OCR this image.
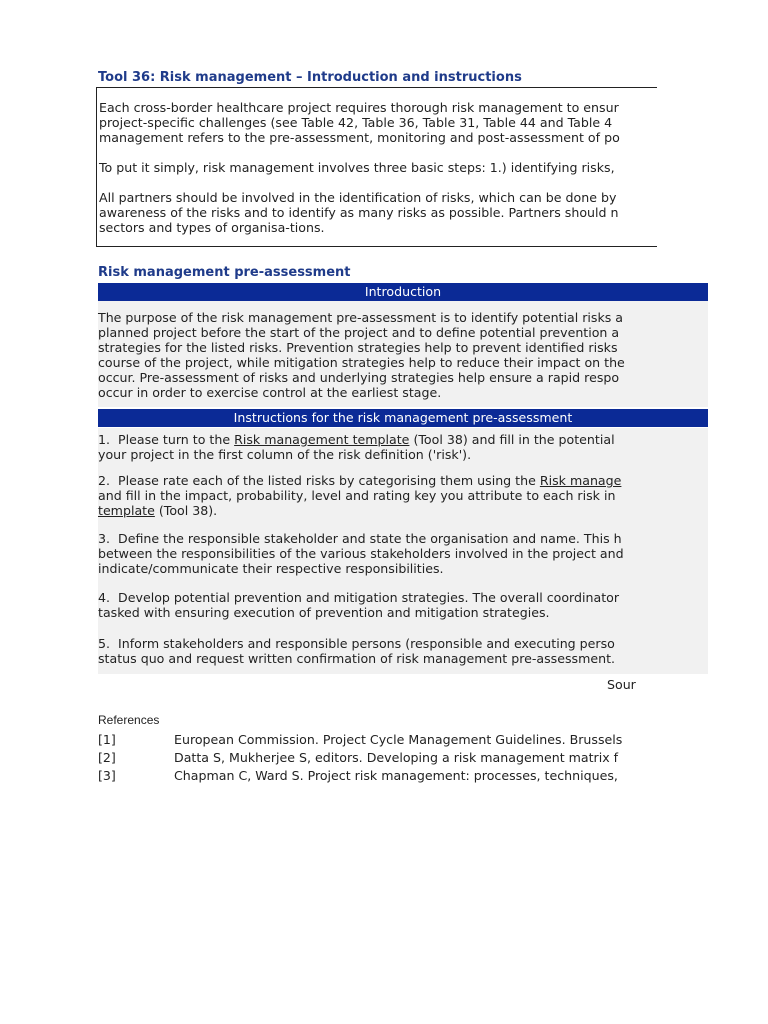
Tool 36: Risk management – Introduction and instructions

Each cross-border healthcare project requires thorough risk management to ensur

project-specific challenges (see Table 42, Table 36, Table 31, Table 44 and Table 4

management refers to the pre-assessment, monitoring and post-assessment of po

To put it simply, risk management involves three basic steps: 1.) identifying risks,

All partners should be involved in the identification of risks, which can be done by

awareness of the risks and to identify as many risks as possible. Partners should n

sectors and types of organisa-tions.

Risk management pre-assessment
Introduction

The purpose of the risk management pre-assessment is to identify potential risks a

planned project before the start of the project and to define potential prevention a

strategies for the listed risks. Prevention strategies help to prevent identified risks

course of the project, while mitigation strategies help to reduce their impact on the

occur. Pre-assessment of risks and underlying strategies help ensure a rapid respo

occur in order to exercise control at the earliest stage.

Instructions for the risk management pre-assessment

1. Please turn to the Risk management template (Tool 38) and fill in the potential

your project in the first column of the risk definition ('risk').

2. Please rate each of the listed risks by categorising them using the Risk manage

and fill in the impact, probability, level and rating key you attribute to each risk in

template (Tool 38).

3. Define the responsible stakeholder and state the organisation and name. This h

between the responsibilities of the various stakeholders involved in the project and

indicate/communicate their respective responsibilities.

4. Develop potential prevention and mitigation strategies. The overall coordinator

tasked with ensuring execution of prevention and mitigation strategies.

5. Inform stakeholders and responsible persons (responsible and executing perso

status quo and request written confirmation of risk management pre-assessment.

Sour
References
[1]	European Commission. Project Cycle Management Guidelines. Brussels
[2]	Datta S, Mukherjee S, editors. Developing a risk management matrix f
[3]	Chapman C, Ward S. Project risk management: processes, techniques,
